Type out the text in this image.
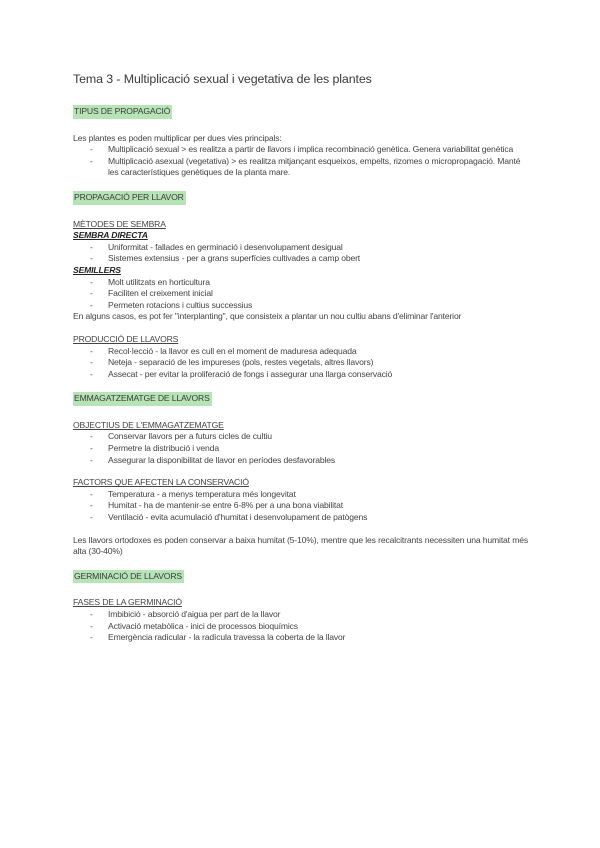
Tema 3 - Multiplicació sexual i vegetativa de les plantes
TIPUS DE PROPAGACIÓ

Les plantes es poden multiplicar per dues vies principals:

- Multiplicació sexual > es realitza a partir de llavors i implica recombinació genètica. Genera variabilitat genètica
- Multiplicació asexual (vegetativa) > es realitza mitjançant esqueixos, empelts, rizomes o micropropagació. Manté les característiques genètiques de la planta mare.
PROPAGACIÓ PER LLAVOR

MÈTODES DE SEMBRA

SEMBRA DIRECTA

- Uniformitat - fallades en germinació i desenvolupament desigual
- Sistemes extensius - per a grans superfícies cultivades a camp obert

SEMILLERS

- Molt utilitzats en horticultura
- Faciliten el creixement inicial
- Permeten rotacions i cultius successius

En alguns casos, es pot fer "interplanting", que consisteix a plantar un nou cultiu abans d'eliminar l'anterior

PRODUCCIÓ DE LLAVORS

- Recol·lecció - la llavor es cull en el moment de maduresa adequada
- Neteja - separació de les impureses (pols, restes vegetals, altres llavors)
- Assecat - per evitar la proliferació de fongs i assegurar una llarga conservació
EMMAGATZEMATGE DE LLAVORS

OBJECTIUS DE L'EMMAGATZEMATGE

- Conservar llavors per a futurs cicles de cultiu
- Permetre la distribució i venda
- Assegurar la disponibilitat de llavor en períodes desfavorables

FACTORS QUE AFECTEN LA CONSERVACIÓ

- Temperatura - a menys temperatura més longevitat
- Humitat - ha de mantenir-se entre 6-8% per a una bona viabilitat
- Ventilació - evita acumulació d'humitat i desenvolupament de patògens

Les llavors ortodoxes es poden conservar a baixa humitat (5-10%), mentre que les recalcitrants necessiten una humitat més alta (30-40%)

GERMINACIÓ DE LLAVORS

FASES DE LA GERMINACIÓ

- Imbibició - absorció d'aigua per part de la llavor
- Activació metabòlica - inici de processos bioquímics
- Emergència radicular - la radícula travessa la coberta de la llavor
